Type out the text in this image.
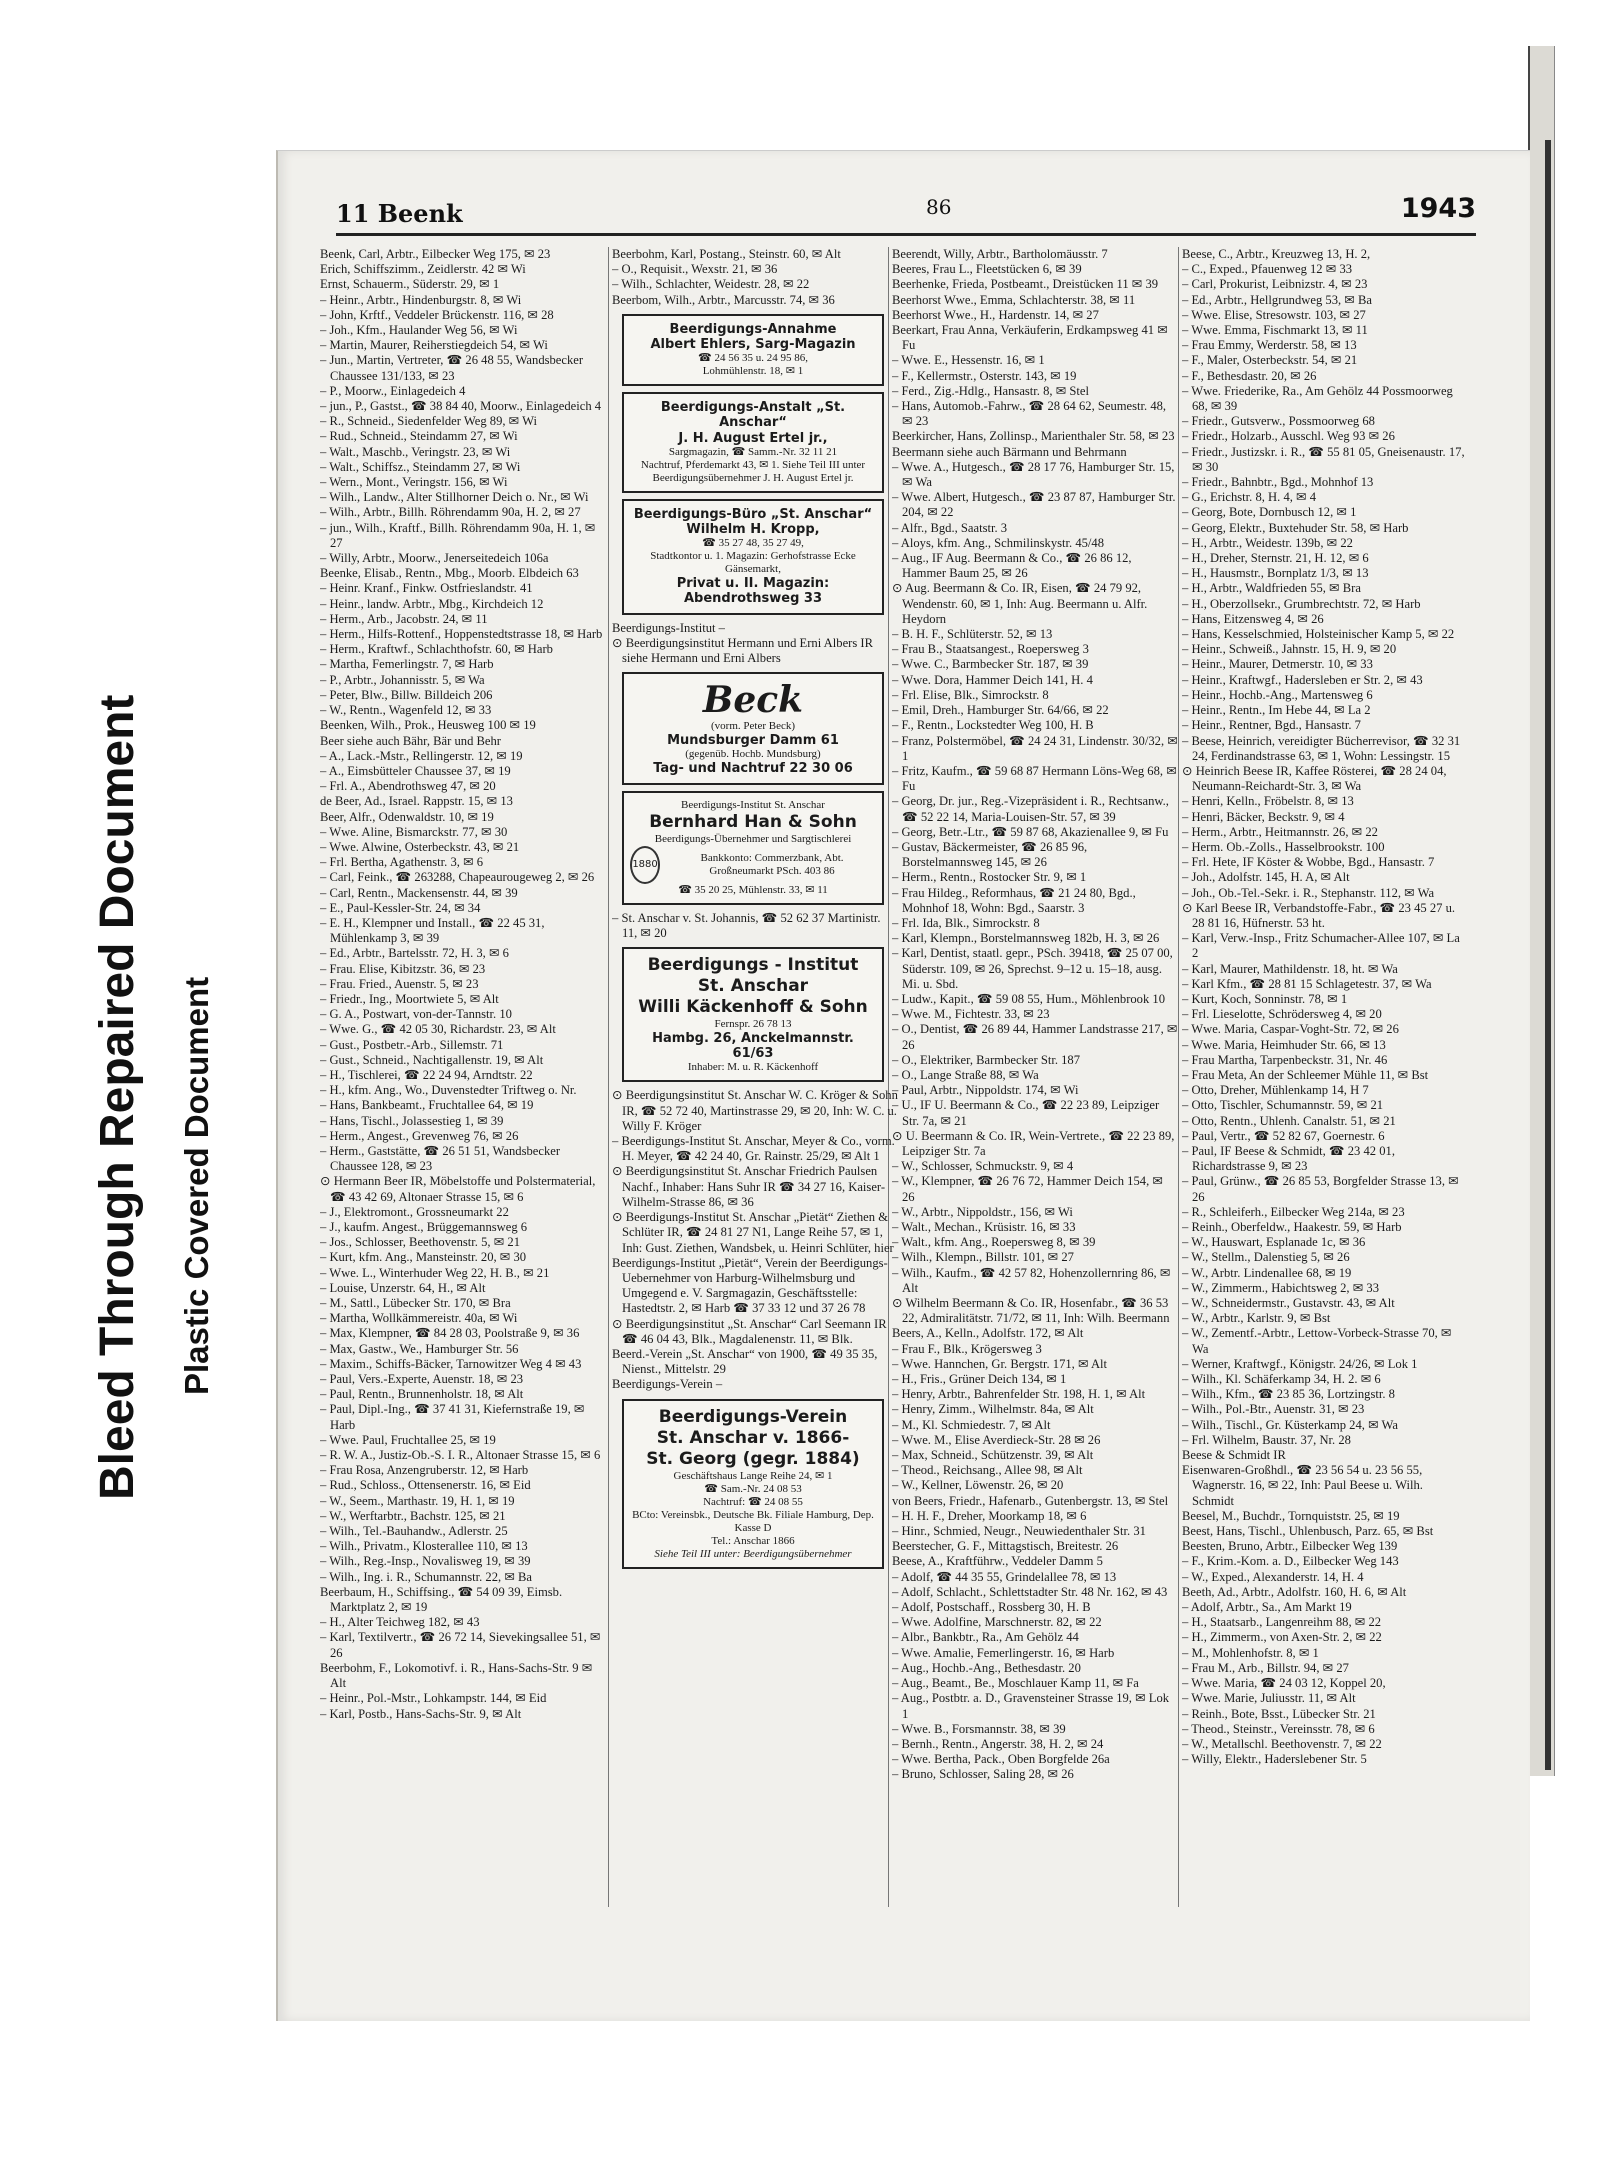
Bleed Through Repaired Document Plastic Covered Document
11 Beenk	86	1943

Beenk, Carl, Arbtr., Eilbecker Weg 175, ✉ 23

Erich, Schiffszimm., Zeidlerstr. 42 ✉ Wi

Ernst, Schauerm., Süderstr. 29, ✉ 1

– Heinr., Arbtr., Hindenburgstr. 8, ✉ Wi

– John, Krftf., Veddeler Brückenstr. 116, ✉ 28

– Joh., Kfm., Haulander Weg 56, ✉ Wi

– Martin, Maurer, Reiherstiegdeich 54, ✉ Wi

– Jun., Martin, Vertreter, ☎ 26 48 55, Wandsbecker Chaussee 131/133, ✉ 23

– P., Moorw., Einlagedeich 4

– jun., P., Gastst., ☎ 38 84 40, Moorw., Einlagedeich 4

– R., Schneid., Siedenfelder Weg 89, ✉ Wi

– Rud., Schneid., Steindamm 27, ✉ Wi

– Walt., Maschb., Veringstr. 23, ✉ Wi

– Walt., Schiffsz., Steindamm 27, ✉ Wi

– Wern., Mont., Veringstr. 156, ✉ Wi

– Wilh., Landw., Alter Stillhorner Deich o. Nr., ✉ Wi

– Wilh., Arbtr., Billh. Röhrendamm 90a, H. 2, ✉ 27

– jun., Wilh., Kraftf., Billh. Röhrendamm 90a, H. 1, ✉ 27

– Willy, Arbtr., Moorw., Jenerseitedeich 106a

Beenke, Elisab., Rentn., Mbg., Moorb. Elbdeich 63

– Heinr. Kranf., Finkw. Ostfrieslandstr. 41

– Heinr., landw. Arbtr., Mbg., Kirchdeich 12

– Herm., Arb., Jacobstr. 24, ✉ 11

– Herm., Hilfs-Rottenf., Hoppenstedtstrasse 18, ✉ Harb

– Herm., Kraftwf., Schlachthofstr. 60, ✉ Harb

– Martha, Femerlingstr. 7, ✉ Harb

– P., Arbtr., Johannisstr. 5, ✉ Wa

– Peter, Blw., Billw. Billdeich 206

– W., Rentn., Wagenfeld 12, ✉ 33

Beenken, Wilh., Prok., Heusweg 100 ✉ 19

Beer siehe auch Bähr, Bär und Behr

– A., Lack.-Mstr., Rellingerstr. 12, ✉ 19

– A., Eimsbütteler Chaussee 37, ✉ 19

– Frl. A., Abendrothsweg 47, ✉ 20

de Beer, Ad., Israel. Rappstr. 15, ✉ 13

Beer, Alfr., Odenwaldstr. 10, ✉ 19

– Wwe. Aline, Bismarckstr. 77, ✉ 30

– Wwe. Alwine, Osterbeckstr. 43, ✉ 21

– Frl. Bertha, Agathenstr. 3, ✉ 6

– Carl, Feink., ☎ 263288, Chapeaurougeweg 2, ✉ 26

– Carl, Rentn., Mackensenstr. 44, ✉ 39

– E., Paul-Kessler-Str. 24, ✉ 34

– E. H., Klempner und Install., ☎ 22 45 31, Mühlenkamp 3, ✉ 39

– Ed., Arbtr., Bartelsstr. 72, H. 3, ✉ 6

– Frau. Elise, Kibitzstr. 36, ✉ 23

– Frau. Fried., Auenstr. 5, ✉ 23

– Friedr., Ing., Moortwiete 5, ✉ Alt

– G. A., Postwart, von-der-Tannstr. 10

– Wwe. G., ☎ 42 05 30, Richardstr. 23, ✉ Alt

– Gust., Postbetr.-Arb., Sillemstr. 71

– Gust., Schneid., Nachtigallenstr. 19, ✉ Alt

– H., Tischlerei, ☎ 22 24 94, Arndtstr. 22

– H., kfm. Ang., Wo., Duvenstedter Triftweg o. Nr.

– Hans, Bankbeamt., Fruchtallee 64, ✉ 19

– Hans, Tischl., Jolassestieg 1, ✉ 39

– Herm., Angest., Grevenweg 76, ✉ 26

– Herm., Gaststätte, ☎ 26 51 51, Wandsbecker Chaussee 128, ✉ 23

⊙ Hermann Beer IR, Möbelstoffe und Polstermaterial, ☎ 43 42 69, Altonaer Strasse 15, ✉ 6

– J., Elektromont., Grossneumarkt 22

– J., kaufm. Angest., Brüggemannsweg 6

– Jos., Schlosser, Beethovenstr. 5, ✉ 21

– Kurt, kfm. Ang., Mansteinstr. 20, ✉ 30

– Wwe. L., Winterhuder Weg 22, H. B., ✉ 21

– Louise, Unzerstr. 64, H., ✉ Alt

– M., Sattl., Lübecker Str. 170, ✉ Bra

– Martha, Wollkämmereistr. 40a, ✉ Wi

– Max, Klempner, ☎ 84 28 03, Poolstraße 9, ✉ 36

– Max, Gastw., We., Hamburger Str. 56

– Maxim., Schiffs-Bäcker, Tarnowitzer Weg 4 ✉ 43

– Paul, Vers.-Experte, Auenstr. 18, ✉ 23

– Paul, Rentn., Brunnenholstr. 18, ✉ Alt

– Paul, Dipl.-Ing., ☎ 37 41 31, Kiefernstraße 19, ✉ Harb

– Wwe. Paul, Fruchtallee 25, ✉ 19

– R. W. A., Justiz-Ob.-S. I. R., Altonaer Strasse 15, ✉ 6

– Frau Rosa, Anzengruberstr. 12, ✉ Harb

– Rud., Schloss., Ottensenerstr. 16, ✉ Eid

– W., Seem., Marthastr. 19, H. 1, ✉ 19

– W., Werftarbtr., Bachstr. 125, ✉ 21

– Wilh., Tel.-Bauhandw., Adlerstr. 25

– Wilh., Privatm., Klosterallee 110, ✉ 13

– Wilh., Reg.-Insp., Novalisweg 19, ✉ 39

– Wilh., Ing. i. R., Schumannstr. 22, ✉ Ba

Beerbaum, H., Schiffsing., ☎ 54 09 39, Eimsb. Marktplatz 2, ✉ 19

– H., Alter Teichweg 182, ✉ 43

– Karl, Textilvertr., ☎ 26 72 14, Sievekingsallee 51, ✉ 26

Beerbohm, F., Lokomotivf. i. R., Hans-Sachs-Str. 9 ✉ Alt

– Heinr., Pol.-Mstr., Lohkampstr. 144, ✉ Eid

– Karl, Postb., Hans-Sachs-Str. 9, ✉ Alt

Beerbohm, Karl, Postang., Steinstr. 60, ✉ Alt

– O., Requisit., Wexstr. 21, ✉ 36

– Wilh., Schlachter, Weidestr. 28, ✉ 22

Beerbom, Wilh., Arbtr., Marcusstr. 74, ✉ 36

Beerdigungs-Annahme
Albert Ehlers, Sarg-Magazin
☎ 24 56 35 u. 24 95 86,
Lohmühlenstr. 18, ✉ 1
Beerdigungs-Anstalt „St. Anschar“
J. H. August Ertel jr.,
Sargmagazin, ☎ Samm.-Nr. 32 11 21
Nachtruf, Pferdemarkt 43, ✉ 1. Siehe Teil III unter Beerdigungsübernehmer J. H. August Ertel jr.
Beerdigungs-Büro „St. Anschar“
Wilhelm H. Kropp,
☎ 35 27 48, 35 27 49,
Stadtkontor u. 1. Magazin: Gerhofstrasse Ecke Gänsemarkt,
Privat u. II. Magazin: Abendrothsweg 33

Beerdigungs-Institut –

⊙ Beerdigungsinstitut Hermann und Erni Albers IR siehe Hermann und Erni Albers

Beck
(vorm. Peter Beck)
Mundsburger Damm 61
(gegenüb. Hochb. Mundsburg)
Tag- und Nachtruf 22 30 06
Beerdigungs-Institut St. Anschar
Bernhard Han & Sohn
Beerdigungs-Übernehmer und Sargtischlerei
1880
Bankkonto: Commerzbank, Abt. Großneumarkt PSch. 403 86
☎ 35 20 25, Mühlenstr. 33, ✉ 11

– St. Anschar v. St. Johannis, ☎ 52 62 37 Martinistr. 11, ✉ 20

Beerdigungs - Institut
St. Anschar
Willi Käckenhoff & Sohn
Fernspr. 26 78 13
Hambg. 26, Anckelmannstr. 61/63
Inhaber: M. u. R. Käckenhoff

⊙ Beerdigungsinstitut St. Anschar W. C. Kröger & Sohn IR, ☎ 52 72 40, Martinstrasse 29, ✉ 20, Inh: W. C. u. Willy F. Kröger

– Beerdigungs-Institut St. Anschar, Meyer & Co., vorm. H. Meyer, ☎ 42 24 40, Gr. Rainstr. 25/29, ✉ Alt 1

⊙ Beerdigungsinstitut St. Anschar Friedrich Paulsen Nachf., Inhaber: Hans Suhr IR ☎ 34 27 16, Kaiser-Wilhelm-Strasse 86, ✉ 36

⊙ Beerdigungs-Institut St. Anschar „Pietät“ Ziethen & Schlüter IR, ☎ 24 81 27 N1, Lange Reihe 57, ✉ 1, Inh: Gust. Ziethen, Wandsbek, u. Heinri Schlüter, hier

Beerdigungs-Institut „Pietät“, Verein der Beerdigungs-Uebernehmer von Harburg-Wilhelmsburg und Umgegend e. V. Sargmagazin, Geschäftsstelle: Hastedtstr. 2, ✉ Harb ☎ 37 33 12 und 37 26 78

⊙ Beerdigungsinstitut „St. Anschar“ Carl Seemann IR ☎ 46 04 43, Blk., Magdalenenstr. 11, ✉ Blk.

Beerd.-Verein „St. Anschar“ von 1900, ☎ 49 35 35, Nienst., Mittelstr. 29

Beerdigungs-Verein –

Beerdigungs-Verein
St. Anschar v. 1866-
St. Georg (gegr. 1884)
Geschäftshaus Lange Reihe 24, ✉ 1
☎ Sam.-Nr. 24 08 53
Nachtruf: ☎ 24 08 55
BCto: Vereinsbk., Deutsche Bk. Filiale Hamburg, Dep. Kasse D
Tel.: Anschar 1866
Siehe Teil III unter: Beerdigungsübernehmer

Beerendt, Willy, Arbtr., Bartholomäusstr. 7

Beeres, Frau L., Fleetstücken 6, ✉ 39

Beerhenke, Frieda, Postbeamt., Dreistücken 11 ✉ 39

Beerhorst Wwe., Emma, Schlachterstr. 38, ✉ 11

Beerhorst Wwe., H., Hardenstr. 14, ✉ 27

Beerkart, Frau Anna, Verkäuferin, Erdkampsweg 41 ✉ Fu

– Wwe. E., Hessenstr. 16, ✉ 1

– F., Kellermstr., Osterstr. 143, ✉ 19

– Ferd., Zig.-Hdlg., Hansastr. 8, ✉ Stel

– Hans, Automob.-Fahrw., ☎ 28 64 62, Seumestr. 48, ✉ 23

Beerkircher, Hans, Zollinsp., Marienthaler Str. 58, ✉ 23

Beermann siehe auch Bärmann und Behrmann

– Wwe. A., Hutgesch., ☎ 28 17 76, Hamburger Str. 15, ✉ Wa

– Wwe. Albert, Hutgesch., ☎ 23 87 87, Hamburger Str. 204, ✉ 22

– Alfr., Bgd., Saatstr. 3

– Aloys, kfm. Ang., Schmilinskystr. 45/48

– Aug., IF Aug. Beermann & Co., ☎ 26 86 12, Hammer Baum 25, ✉ 26

⊙ Aug. Beermann & Co. IR, Eisen, ☎ 24 79 92, Wendenstr. 60, ✉ 1, Inh: Aug. Beermann u. Alfr. Heydorn

– B. H. F., Schlüterstr. 52, ✉ 13

– Frau B., Staatsangest., Roepersweg 3

– Wwe. C., Barmbecker Str. 187, ✉ 39

– Wwe. Dora, Hammer Deich 141, H. 4

– Frl. Elise, Blk., Simrockstr. 8

– Emil, Dreh., Hamburger Str. 64/66, ✉ 22

– F., Rentn., Lockstedter Weg 100, H. B

– Franz, Polstermöbel, ☎ 24 24 31, Lindenstr. 30/32, ✉ 1

– Fritz, Kaufm., ☎ 59 68 87 Hermann Löns-Weg 68, ✉ Fu

– Georg, Dr. jur., Reg.-Vizepräsident i. R., Rechtsanw., ☎ 52 22 14, Maria-Louisen-Str. 57, ✉ 39

– Georg, Betr.-Ltr., ☎ 59 87 68, Akazienallee 9, ✉ Fu

– Gustav, Bäckermeister, ☎ 26 85 96, Borstelmannsweg 145, ✉ 26

– Herm., Rentn., Rostocker Str. 9, ✉ 1

– Frau Hildeg., Reformhaus, ☎ 21 24 80, Bgd., Mohnhof 18, Wohn: Bgd., Saarstr. 3

– Frl. Ida, Blk., Simrockstr. 8

– Karl, Klempn., Borstelmannsweg 182b, H. 3, ✉ 26

– Karl, Dentist, staatl. gepr., PSch. 39418, ☎ 25 07 00, Süderstr. 109, ✉ 26, Sprechst. 9–12 u. 15–18, ausg. Mi. u. Sbd.

– Ludw., Kapit., ☎ 59 08 55, Hum., Möhlenbrook 10

– Wwe. M., Fichtestr. 33, ✉ 23

– O., Dentist, ☎ 26 89 44, Hammer Landstrasse 217, ✉ 26

– O., Elektriker, Barmbecker Str. 187

– O., Lange Straße 88, ✉ Wa

– Paul, Arbtr., Nippoldstr. 174, ✉ Wi

– U., IF U. Beermann & Co., ☎ 22 23 89, Leipziger Str. 7a, ✉ 21

⊙ U. Beermann & Co. IR, Wein-Vertrete., ☎ 22 23 89, Leipziger Str. 7a

– W., Schlosser, Schmuckstr. 9, ✉ 4

– W., Klempner, ☎ 26 76 72, Hammer Deich 154, ✉ 26

– W., Arbtr., Nippoldstr., 156, ✉ Wi

– Walt., Mechan., Krüsistr. 16, ✉ 33

– Walt., kfm. Ang., Roepersweg 8, ✉ 39

– Wilh., Klempn., Billstr. 101, ✉ 27

– Wilh., Kaufm., ☎ 42 57 82, Hohenzollernring 86, ✉ Alt

⊙ Wilhelm Beermann & Co. IR, Hosenfabr., ☎ 36 53 22, Admiralitätstr. 71/72, ✉ 11, Inh: Wilh. Beermann

Beers, A., Kelln., Adolfstr. 172, ✉ Alt

– Frau F., Blk., Krögersweg 3

– Wwe. Hannchen, Gr. Bergstr. 171, ✉ Alt

– H., Fris., Grüner Deich 134, ✉ 1

– Henry, Arbtr., Bahrenfelder Str. 198, H. 1, ✉ Alt

– Henry, Zimm., Wilhelmstr. 84a, ✉ Alt

– M., Kl. Schmiedestr. 7, ✉ Alt

– Wwe. M., Elise Averdieck-Str. 28 ✉ 26

– Max, Schneid., Schützenstr. 39, ✉ Alt

– Theod., Reichsang., Allee 98, ✉ Alt

– W., Kellner, Löwenstr. 26, ✉ 20

von Beers, Friedr., Hafenarb., Gutenbergstr. 13, ✉ Stel

– H. H. F., Dreher, Moorkamp 18, ✉ 6

– Hinr., Schmied, Neugr., Neuwiedenthaler Str. 31

Beerstecher, G. F., Mittagstisch, Breitestr. 26

Beese, A., Kraftführw., Veddeler Damm 5

– Adolf, ☎ 44 35 55, Grindelallee 78, ✉ 13

– Adolf, Schlacht., Schlettstadter Str. 48 Nr. 162, ✉ 43

– Adolf, Postschaff., Rossberg 30, H. B

– Wwe. Adolfine, Marschnerstr. 82, ✉ 22

– Albr., Bankbtr., Ra., Am Gehölz 44

– Wwe. Amalie, Femerlingerstr. 16, ✉ Harb

– Aug., Hochb.-Ang., Bethesdastr. 20

– Aug., Beamt., Be., Moschlauer Kamp 11, ✉ Fa

– Aug., Postbtr. a. D., Gravensteiner Strasse 19, ✉ Lok 1

– Wwe. B., Forsmannstr. 38, ✉ 39

– Bernh., Rentn., Angerstr. 38, H. 2, ✉ 24

– Wwe. Bertha, Pack., Oben Borgfelde 26a

– Bruno, Schlosser, Saling 28, ✉ 26

Beese, C., Arbtr., Kreuzweg 13, H. 2,

– C., Exped., Pfauenweg 12 ✉ 33

– Carl, Prokurist, Leibnizstr. 4, ✉ 23

– Ed., Arbtr., Hellgrundweg 53, ✉ Ba

– Wwe. Elise, Stresowstr. 103, ✉ 27

– Wwe. Emma, Fischmarkt 13, ✉ 11

– Frau Emmy, Werderstr. 58, ✉ 13

– F., Maler, Osterbeckstr. 54, ✉ 21

– F., Bethesdastr. 20, ✉ 26

– Wwe. Friederike, Ra., Am Gehölz 44 Possmoorweg 68, ✉ 39

– Friedr., Gutsverw., Possmoorweg 68

– Friedr., Holzarb., Ausschl. Weg 93 ✉ 26

– Friedr., Justizskr. i. R., ☎ 55 81 05, Gneisenaustr. 17, ✉ 30

– Friedr., Bahnbtr., Bgd., Mohnhof 13

– G., Erichstr. 8, H. 4, ✉ 4

– Georg, Bote, Dornbusch 12, ✉ 1

– Georg, Elektr., Buxtehuder Str. 58, ✉ Harb

– H., Arbtr., Weidestr. 139b, ✉ 22

– H., Dreher, Sternstr. 21, H. 12, ✉ 6

– H., Hausmstr., Bornplatz 1/3, ✉ 13

– H., Arbtr., Waldfrieden 55, ✉ Bra

– H., Oberzollsekr., Grumbrechtstr. 72, ✉ Harb

– Hans, Eitzensweg 4, ✉ 26

– Hans, Kesselschmied, Holsteinischer Kamp 5, ✉ 22

– Heinr., Schweiß., Jahnstr. 15, H. 9, ✉ 20

– Heinr., Maurer, Detmerstr. 10, ✉ 33

– Heinr., Kraftwgf., Hadersleben er Str. 2, ✉ 43

– Heinr., Hochb.-Ang., Martensweg 6

– Heinr., Rentn., Im Hebe 44, ✉ La 2

– Heinr., Rentner, Bgd., Hansastr. 7

– Beese, Heinrich, vereidigter Bücherrevisor, ☎ 32 31 24, Ferdinandstrasse 63, ✉ 1, Wohn: Lessingstr. 15

⊙ Heinrich Beese IR, Kaffee Rösterei, ☎ 28 24 04, Neumann-Reichardt-Str. 3, ✉ Wa

– Henri, Kelln., Fröbelstr. 8, ✉ 13

– Henri, Bäcker, Beckstr. 9, ✉ 4

– Herm., Arbtr., Heitmannstr. 26, ✉ 22

– Herm. Ob.-Zolls., Hasselbrookstr. 100

– Frl. Hete, IF Köster & Wobbe, Bgd., Hansastr. 7

– Joh., Adolfstr. 145, H. A, ✉ Alt

– Joh., Ob.-Tel.-Sekr. i. R., Stephanstr. 112, ✉ Wa

⊙ Karl Beese IR, Verbandstoffe-Fabr., ☎ 23 45 27 u. 28 81 16, Hüfnerstr. 53 ht.

– Karl, Verw.-Insp., Fritz Schumacher-Allee 107, ✉ La 2

– Karl, Maurer, Mathildenstr. 18, ht. ✉ Wa

– Karl Kfm., ☎ 28 81 15 Schlagetestr. 37, ✉ Wa

– Kurt, Koch, Sonninstr. 78, ✉ 1

– Frl. Lieselotte, Schrödersweg 4, ✉ 20

– Wwe. Maria, Caspar-Voght-Str. 72, ✉ 26

– Wwe. Maria, Heimhuder Str. 66, ✉ 13

– Frau Martha, Tarpenbeckstr. 31, Nr. 46

– Frau Meta, An der Schleemer Mühle 11, ✉ Bst

– Otto, Dreher, Mühlenkamp 14, H 7

– Otto, Tischler, Schumannstr. 59, ✉ 21

– Otto, Rentn., Uhlenh. Canalstr. 51, ✉ 21

– Paul, Vertr., ☎ 52 82 67, Goernestr. 6

– Paul, IF Beese & Schmidt, ☎ 23 42 01, Richardstrasse 9, ✉ 23

– Paul, Grünw., ☎ 26 85 53, Borgfelder Strasse 13, ✉ 26

– R., Schleiferh., Eilbecker Weg 214a, ✉ 23

– Reinh., Oberfeldw., Haakestr. 59, ✉ Harb

– W., Hauswart, Esplanade 1c, ✉ 36

– W., Stellm., Dalenstieg 5, ✉ 26

– W., Arbtr. Lindenallee 68, ✉ 19

– W., Zimmerm., Habichtsweg 2, ✉ 33

– W., Schneidermstr., Gustavstr. 43, ✉ Alt

– W., Arbtr., Karlstr. 9, ✉ Bst

– W., Zementf.-Arbtr., Lettow-Vorbeck-Strasse 70, ✉ Wa

– Werner, Kraftwgf., Königstr. 24/26, ✉ Lok 1

– Wilh., Kl. Schäferkamp 34, H. 2. ✉ 6

– Wilh., Kfm., ☎ 23 85 36, Lortzingstr. 8

– Wilh., Pol.-Btr., Auenstr. 31, ✉ 23

– Wilh., Tischl., Gr. Küsterkamp 24, ✉ Wa

– Frl. Wilhelm, Baustr. 37, Nr. 28

Beese & Schmidt IR

Eisenwaren-Großhdl., ☎ 23 56 54 u. 23 56 55, Wagnerstr. 16, ✉ 22, Inh: Paul Beese u. Wilh. Schmidt

Beesel, M., Buchdr., Tornquiststr. 25, ✉ 19

Beest, Hans, Tischl., Uhlenbusch, Parz. 65, ✉ Bst

Beesten, Bruno, Arbtr., Eilbecker Weg 139

– F., Krim.-Kom. a. D., Eilbecker Weg 143

– W., Exped., Alexanderstr. 14, H. 4

Beeth, Ad., Arbtr., Adolfstr. 160, H. 6, ✉ Alt

– Adolf, Arbtr., Sa., Am Markt 19

– H., Staatsarb., Langenreihm 88, ✉ 22

– H., Zimmerm., von Axen-Str. 2, ✉ 22

– M., Mohlenhofstr. 8, ✉ 1

– Frau M., Arb., Billstr. 94, ✉ 27

– Wwe. Maria, ☎ 24 03 12, Koppel 20,

– Wwe. Marie, Juliusstr. 11, ✉ Alt

– Reinh., Bote, Bsst., Lübecker Str. 21

– Theod., Steinstr., Vereinsstr. 78, ✉ 6

– W., Metallschl. Beethovenstr. 7, ✉ 22

– Willy, Elektr., Haderslebener Str. 5
